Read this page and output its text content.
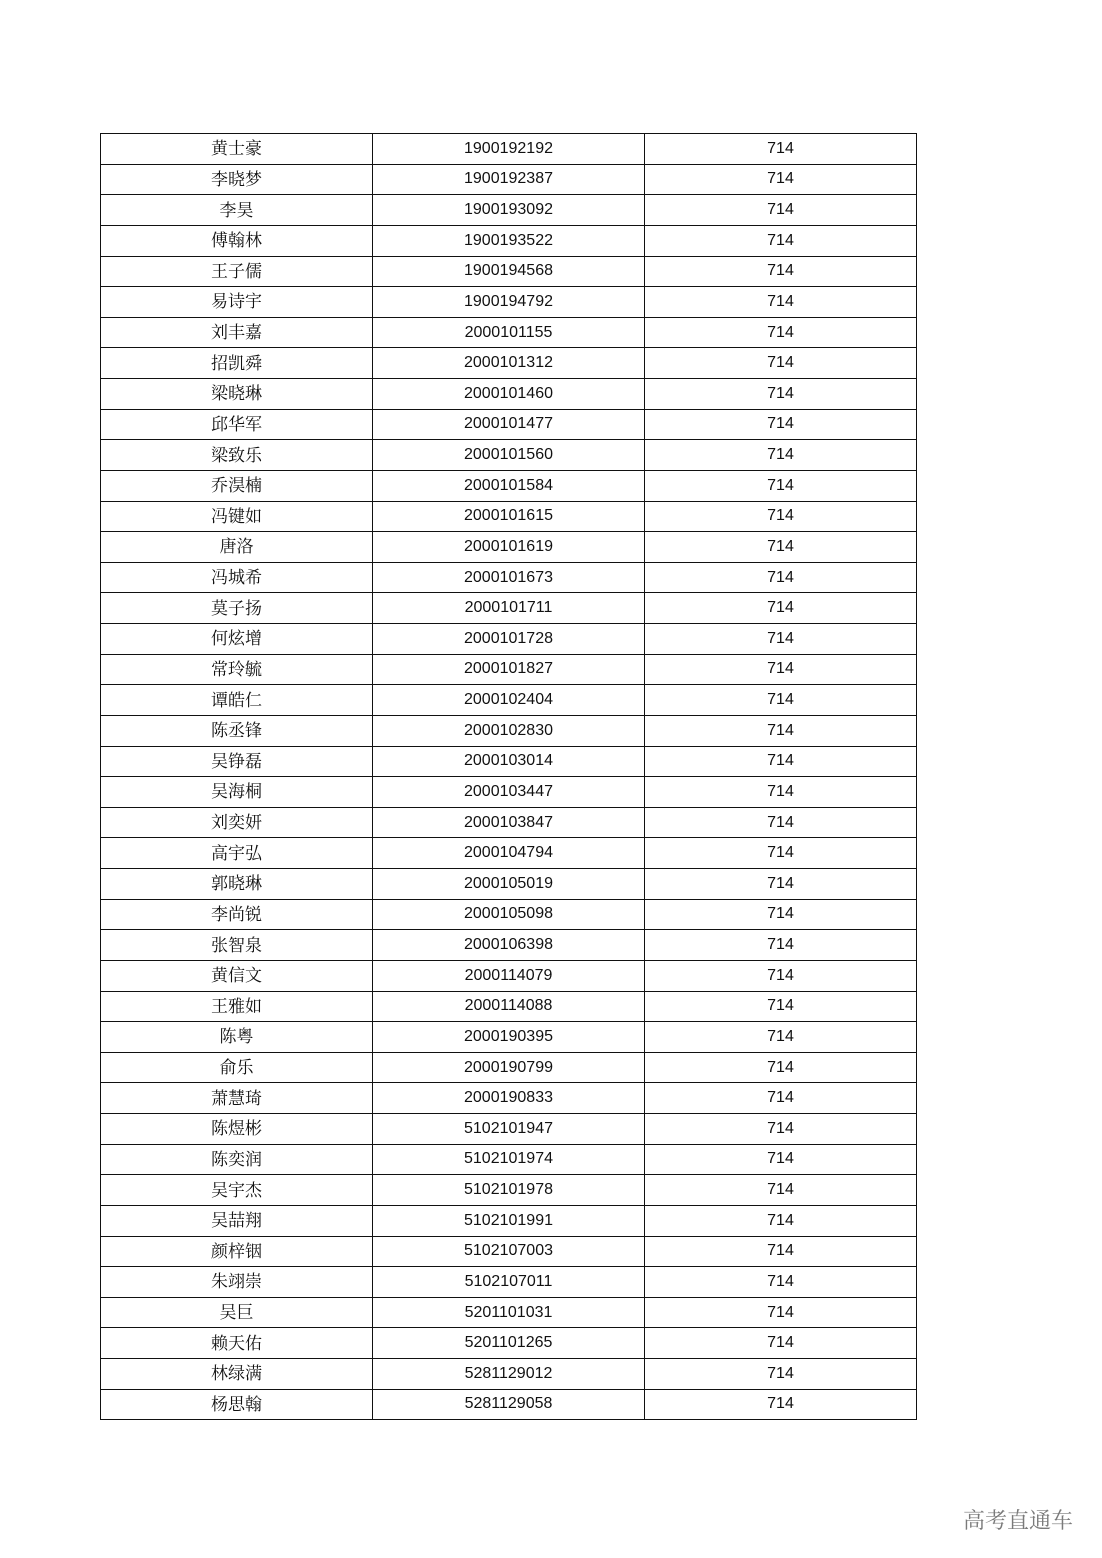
黄士豪	1900192192	714
李晓梦	1900192387	714
李昊	1900193092	714
傅翰林	1900193522	714
王子儒	1900194568	714
易诗宇	1900194792	714
刘丰嘉	2000101155	714
招凯舜	2000101312	714
梁晓琳	2000101460	714
邱华军	2000101477	714
梁致乐	2000101560	714
乔淏楠	2000101584	714
冯键如	2000101615	714
唐洛	2000101619	714
冯城希	2000101673	714
莫子扬	2000101711	714
何炫增	2000101728	714
常玲毓	2000101827	714
谭皓仁	2000102404	714
陈丞锋	2000102830	714
吴铮磊	2000103014	714
吴海桐	2000103447	714
刘奕妍	2000103847	714
高宇弘	2000104794	714
郭晓琳	2000105019	714
李尚锐	2000105098	714
张智泉	2000106398	714
黄信文	2000114079	714
王雅如	2000114088	714
陈粤	2000190395	714
俞乐	2000190799	714
萧慧琦	2000190833	714
陈煜彬	5102101947	714
陈奕润	5102101974	714
吴宇杰	5102101978	714
吴喆翔	5102101991	714
颜梓铟	5102107003	714
朱翊崇	5102107011	714
吴巨	5201101031	714
赖天佑	5201101265	714
林绿满	5281129012	714
杨思翰	5281129058	714
高考直通车
